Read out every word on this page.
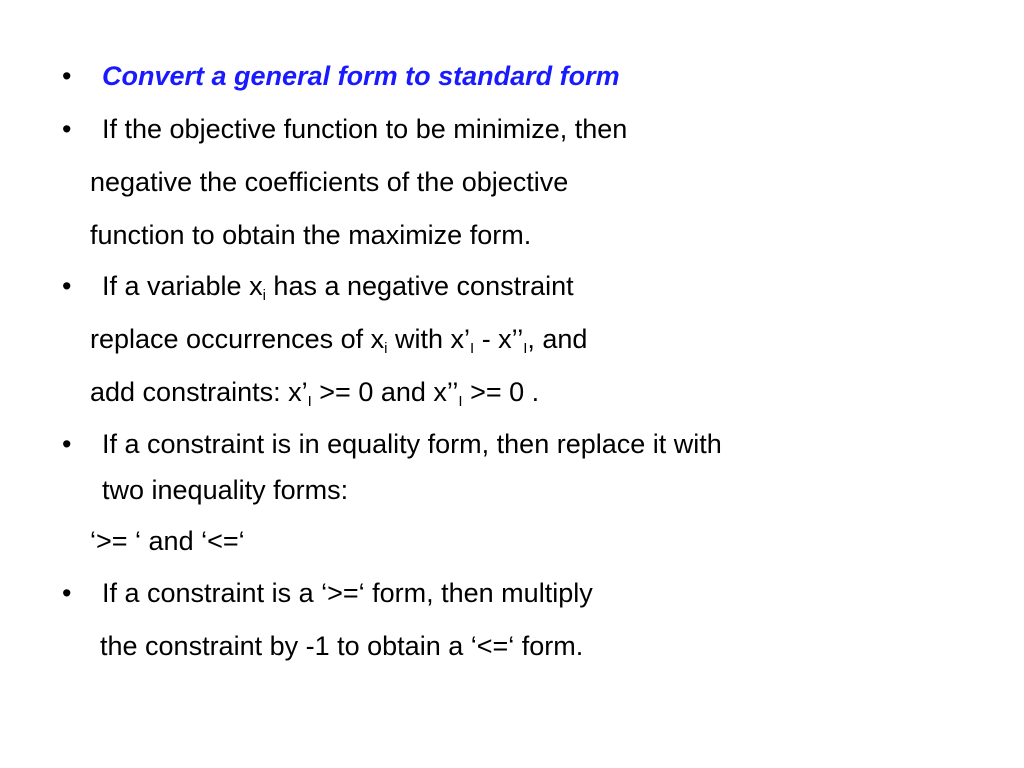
• Convert a general form to standard form
• If the objective function to be minimize, then
negative the coefficients of the objective
function to obtain the maximize form.
• If a variable $x_i$ has a negative constraint
replace occurrences of $x_i$ with $x’_I$ - $x’’_I$, and
add constraints: $x’_I >= 0$ and $x’’_I >= 0$ .
• If a constraint is in equality form, then replace it with
two inequality forms:
‘>= ‘ and ‘<=‘
• If a constraint is a ‘>=‘ form, then multiply
the constraint by -1 to obtain a ‘<=‘ form.
